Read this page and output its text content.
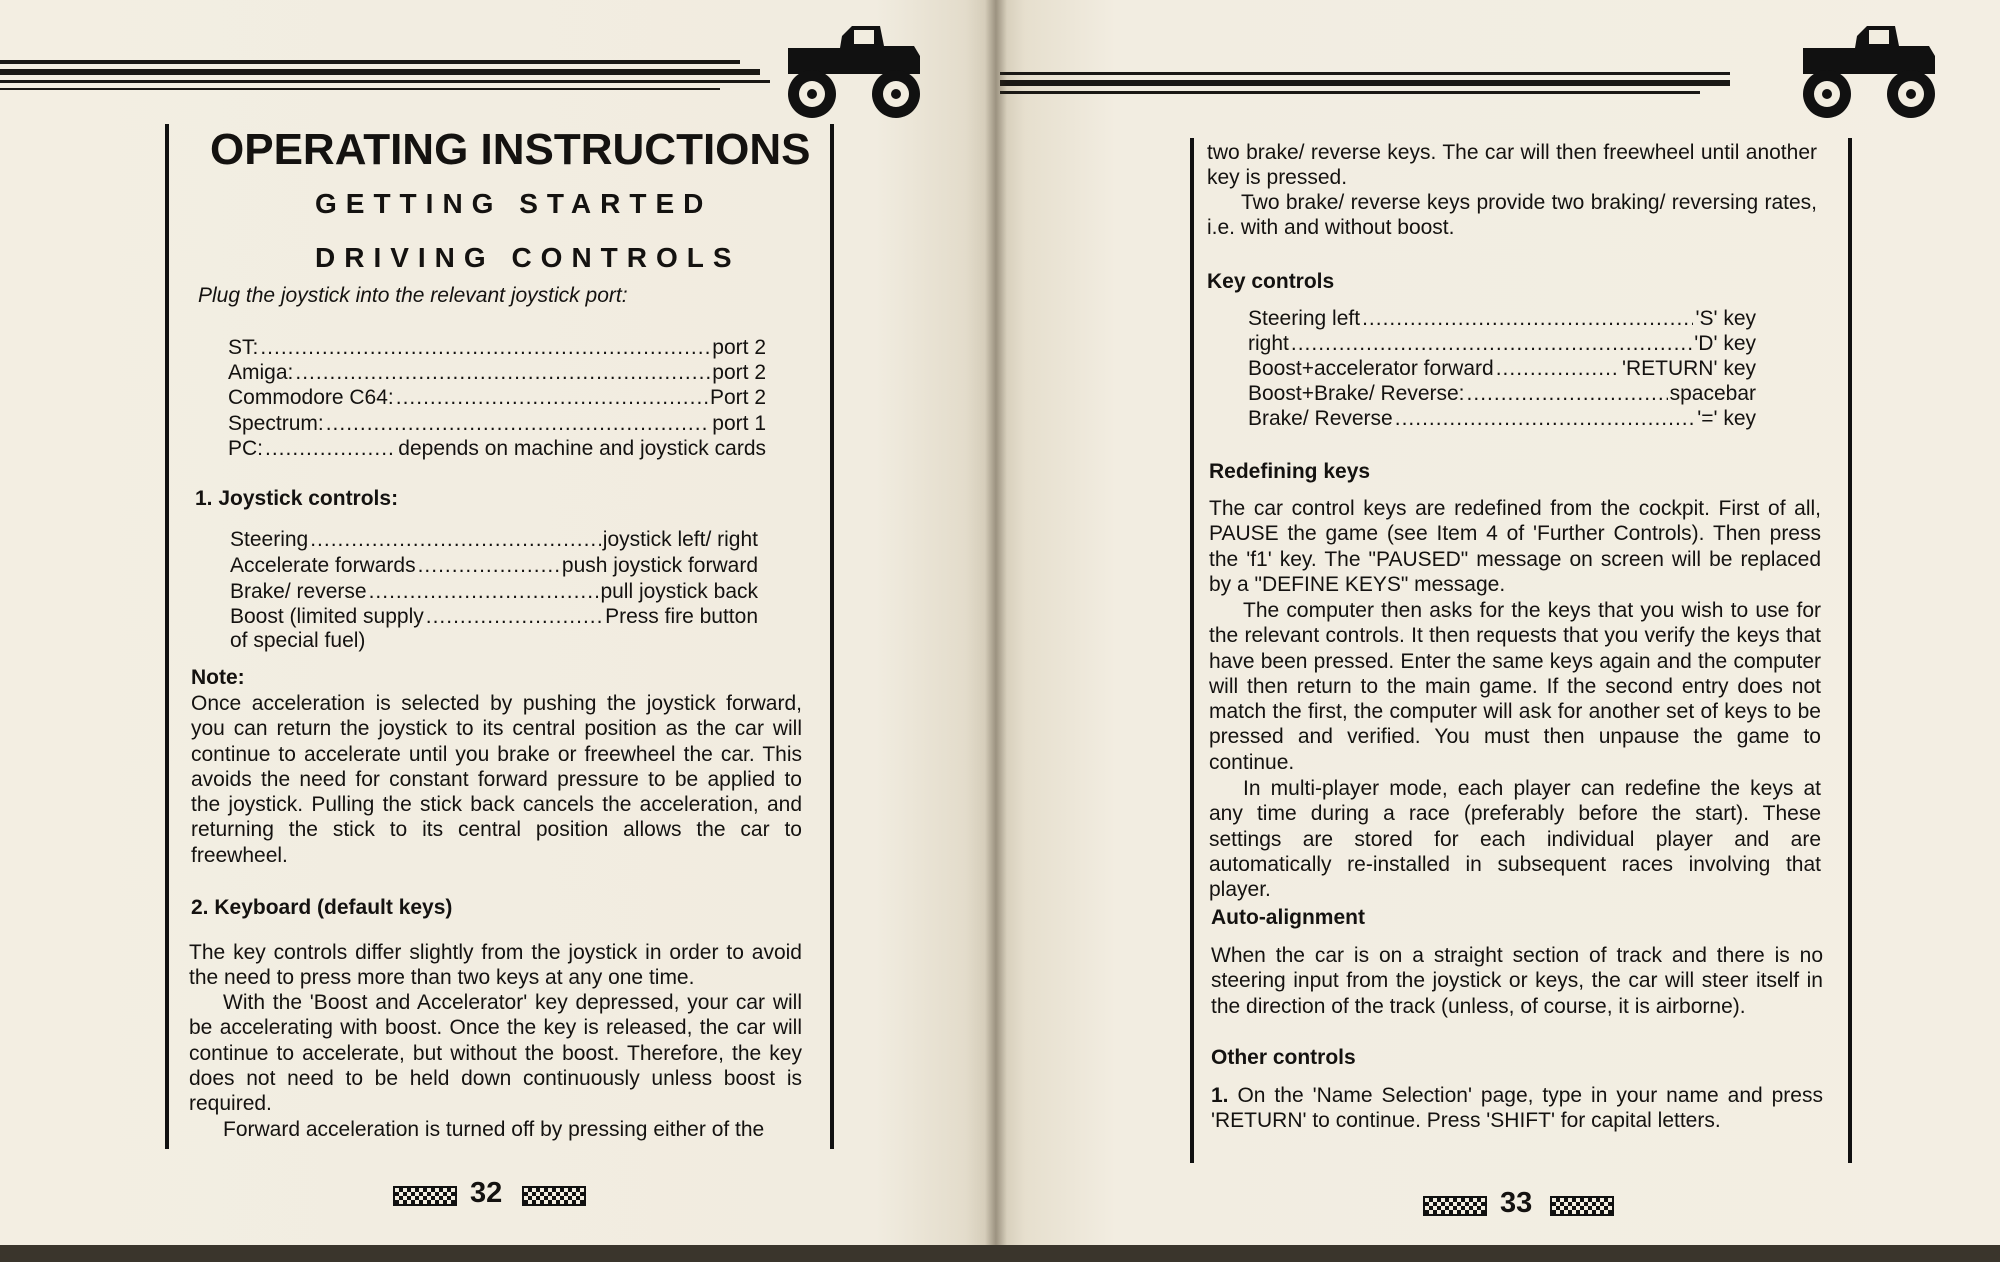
OPERATING INSTRUCTIONS
GETTING STARTED
DRIVING CONTROLS
Plug the joystick into the relevant joystick port:
ST: .....	port 2
Amiga: .....	port 2
Commodore C64: .....	Port 2
Spectrum: .....	port 1
PC: .....	depends on machine and joystick cards
1. Joystick controls:
Steering .....	joystick left/ right
Accelerate forwards .....	push joystick forward
Brake/ reverse .....	pull joystick back
Boost (limited supply .....	Press fire button
of special fuel)
Note:
Once acceleration is selected by pushing the joystick forward, you can return the joystick to its central position as the car will continue to accelerate until you brake or freewheel the car. This avoids the need for constant forward pressure to be applied to the joystick. Pulling the stick back cancels the acceleration, and returning the stick to its central position allows the car to freewheel.
2. Keyboard (default keys)
The key controls differ slightly from the joystick in order to avoid the need to press more than two keys at any one time.
With the 'Boost and Accelerator' key depressed, your car will be accelerating with boost. Once the key is released, the car will continue to accelerate, but without the boost. Therefore, the key does not need to be held down continuously unless boost is required.
Forward acceleration is turned off by pressing either of the
32
two brake/ reverse keys. The car will then freewheel until another key is pressed.
Two brake/ reverse keys provide two braking/ reversing rates, i.e. with and without boost.
Key controls
Steering left .....	'S' key
right .....	'D' key
Boost+accelerator forward .....	'RETURN' key
Boost+Brake/ Reverse: .....	spacebar
Brake/ Reverse .....	'=' key
Redefining keys
The car control keys are redefined from the cockpit. First of all, PAUSE the game (see Item 4 of 'Further Controls). Then press the 'f1' key. The "PAUSED" message on screen will be replaced by a "DEFINE KEYS" message.
The computer then asks for the keys that you wish to use for the relevant controls. It then requests that you verify the keys that have been pressed. Enter the same keys again and the computer will then return to the main game. If the second entry does not match the first, the computer will ask for another set of keys to be pressed and verified. You must then unpause the game to continue.
In multi-player mode, each player can redefine the keys at any time during a race (preferably before the start). These settings are stored for each individual player and are automatically re-installed in subsequent races involving that player.
Auto-alignment
When the car is on a straight section of track and there is no steering input from the joystick or keys, the car will steer itself in the direction of the track (unless, of course, it is airborne).
Other controls
1. On the 'Name Selection' page, type in your name and press 'RETURN' to continue. Press 'SHIFT' for capital letters.
33
